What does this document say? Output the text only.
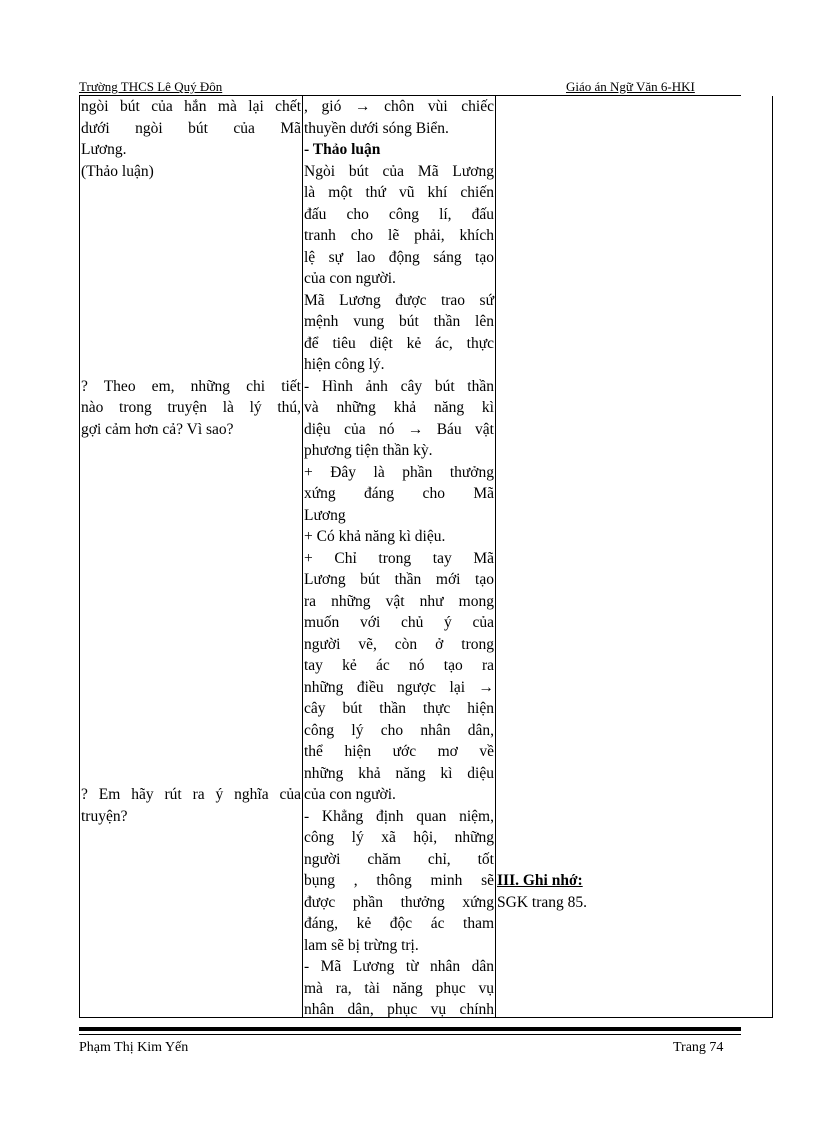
Trường THCS Lê Quý Đôn	Giáo án Ngữ Văn 6-HKI
ngòi bút của hắn mà lại chết
dưới ngòi bút của Mã
Lương.
(Thảo luận)
? Theo em, những chi tiết
nào trong truyện là lý thú,
gợi cảm hơn cả? Vì sao?
? Em hãy rút ra ý nghĩa của
truyện?
, gió → chôn vùi chiếc
thuyền dưới sóng Biển.
- Thảo luận
Ngòi bút của Mã Lương
là một thứ vũ khí chiến
đấu cho công lí, đấu
tranh cho lẽ phải, khích
lệ sự lao động sáng tạo
của con người.
Mã Lương được trao sứ
mệnh vung bút thần lên
để tiêu diệt kẻ ác, thực
hiện công lý.
- Hình ảnh cây bút thần
và những khả năng kì
diệu của nó → Báu vật
phương tiện thần kỳ.
+ Đây là phần thưởng
xứng đáng cho Mã
Lương
+ Có khả năng kì diệu.
+ Chỉ trong tay Mã
Lương bút thần mới tạo
ra những vật như mong
muốn với chủ ý của
người vẽ, còn ở trong
tay kẻ ác nó tạo ra
những điều ngược lại →
cây bút thần thực hiện
công lý cho nhân dân,
thể hiện ước mơ về
những khả năng kì diệu
của con người.
- Khẳng định quan niệm,
công lý xã hội, những
người chăm chỉ, tốt
bụng , thông minh sẽ
được phần thưởng xứng
đáng, kẻ độc ác tham
lam sẽ bị trừng trị.
- Mã Lương từ nhân dân
mà ra, tài năng phục vụ
nhân dân, phục vụ chính
III. Ghi nhớ:
SGK trang 85.
Phạm Thị Kim Yến	Trang 74
